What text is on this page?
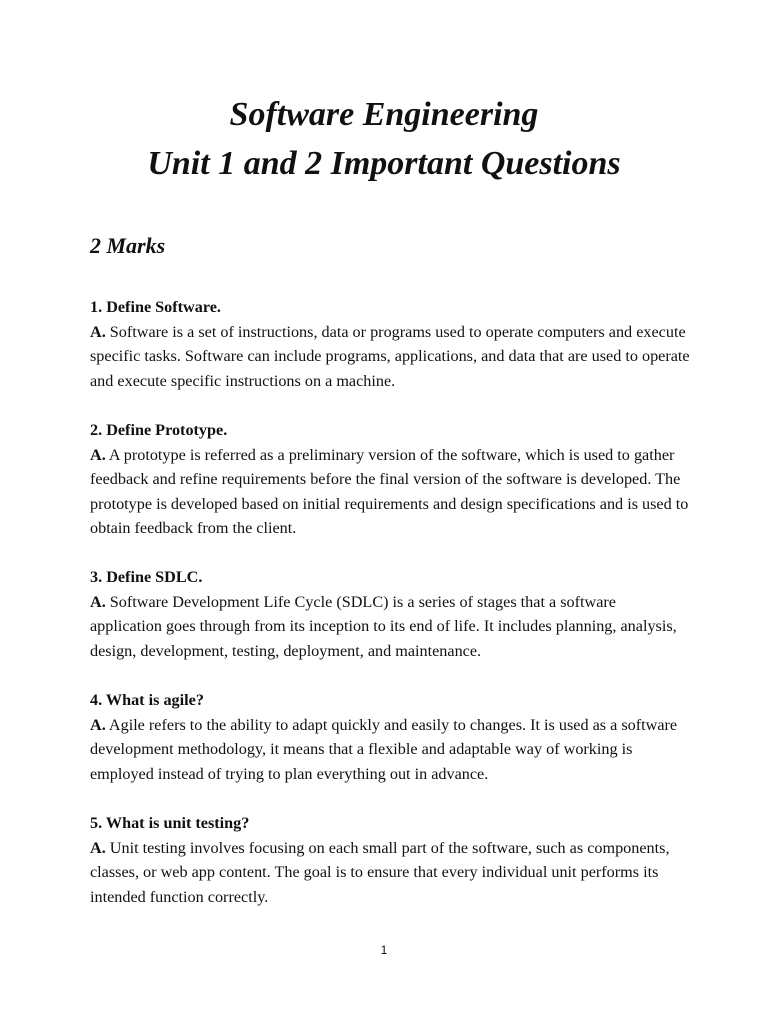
Software Engineering
Unit 1 and 2 Important Questions
2 Marks

1. Define Software.

A. Software is a set of instructions, data or programs used to operate computers and execute specific tasks. Software can include programs, applications, and data that are used to operate and execute specific instructions on a machine.

2. Define Prototype.

A. A prototype is referred as a preliminary version of the software, which is used to gather feedback and refine requirements before the final version of the software is developed. The prototype is developed based on initial requirements and design specifications and is used to obtain feedback from the client.

3. Define SDLC.

A. Software Development Life Cycle (SDLC) is a series of stages that a software application goes through from its inception to its end of life. It includes planning, analysis, design, development, testing, deployment, and maintenance.

4. What is agile?

A. Agile refers to the ability to adapt quickly and easily to changes. It is used as a software development methodology, it means that a flexible and adaptable way of working is employed instead of trying to plan everything out in advance.

5. What is unit testing?

A. Unit testing involves focusing on each small part of the software, such as components, classes, or web app content. The goal is to ensure that every individual unit performs its intended function correctly.

1
